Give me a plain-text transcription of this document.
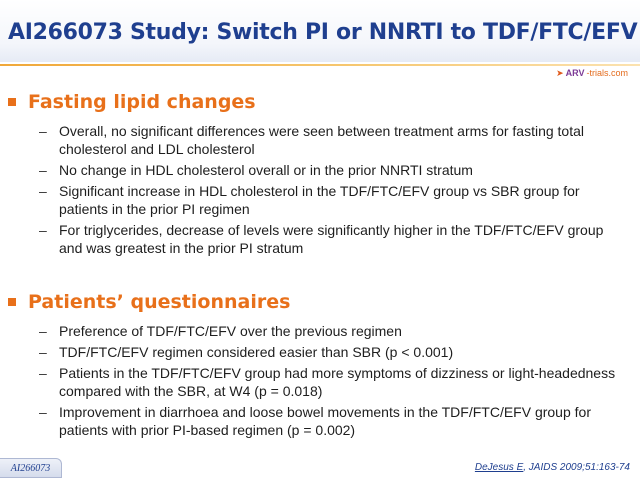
AI266073 Study: Switch PI or NNRTI to TDF/FTC/EFV
➤ ARV -trials.com
Fasting lipid changes
– Overall, no significant differences were seen between treatment arms for fasting total cholesterol and LDL cholesterol
– No change in HDL cholesterol overall or in the prior NNRTI stratum
– Significant increase in HDL cholesterol in the TDF/FTC/EFV group vs SBR group for patients in the prior PI regimen
– For triglycerides, decrease of levels were significantly higher in the TDF/FTC/EFV group and was greatest in the prior PI stratum
Patients’ questionnaires
– Preference of TDF/FTC/EFV over the previous regimen
– TDF/FTC/EFV regimen considered easier than SBR (p < 0.001)
– Patients in the TDF/FTC/EFV group had more symptoms of dizziness or light-headedness compared with the SBR, at W4 (p = 0.018)
– Improvement in diarrhoea and loose bowel movements in the TDF/FTC/EFV group for patients with prior PI-based regimen (p = 0.002)
AI266073	DeJesus E, JAIDS 2009;51:163-74
